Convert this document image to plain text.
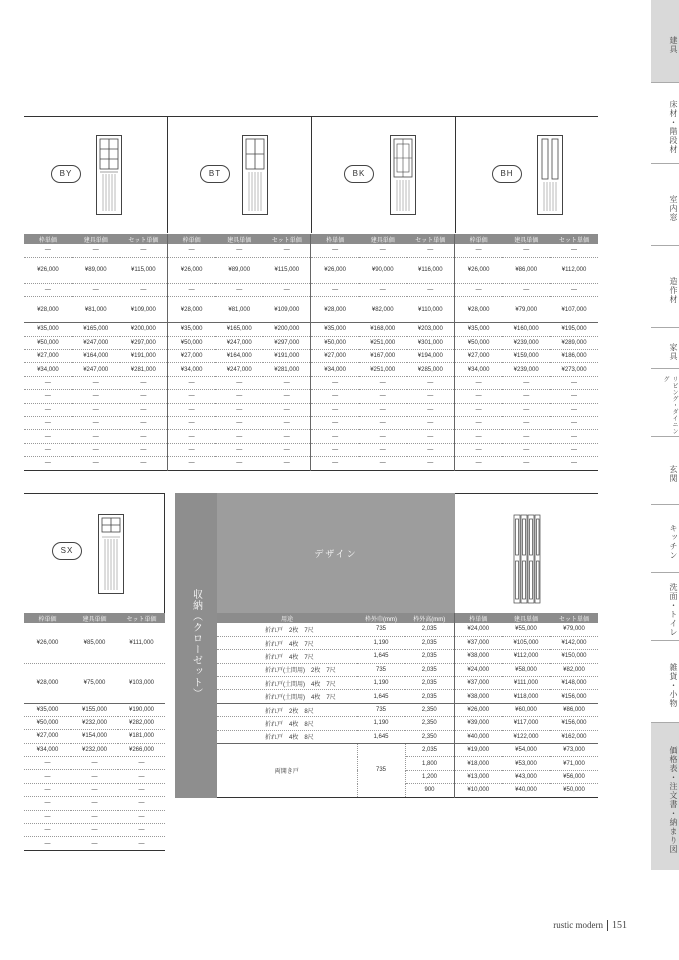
建具
床材・階段材
室内窓
造作材
家具
リビング・ダイニング
玄関
キッチン
洗面・トイレ
雑貨・小物
価格表・注文書・納まり図
BY	BT	BK	BH
枠単価	建具単価	セット単価	枠単価	建具単価	セット単価	枠単価	建具単価	セット単価	枠単価	建具単価	セット単価
—	—	—	—	—	—	—	—	—	—	—	—
¥26,000	¥89,000	¥115,000	¥26,000	¥89,000	¥115,000	¥26,000	¥90,000	¥116,000	¥26,000	¥86,000	¥112,000
—	—	—	—	—	—	—	—	—	—	—	—
¥28,000	¥81,000	¥109,000	¥28,000	¥81,000	¥109,000	¥28,000	¥82,000	¥110,000	¥28,000	¥79,000	¥107,000
¥35,000	¥165,000	¥200,000	¥35,000	¥165,000	¥200,000	¥35,000	¥168,000	¥203,000	¥35,000	¥160,000	¥195,000
¥50,000	¥247,000	¥297,000	¥50,000	¥247,000	¥297,000	¥50,000	¥251,000	¥301,000	¥50,000	¥239,000	¥289,000
¥27,000	¥164,000	¥191,000	¥27,000	¥164,000	¥191,000	¥27,000	¥167,000	¥194,000	¥27,000	¥159,000	¥186,000
¥34,000	¥247,000	¥281,000	¥34,000	¥247,000	¥281,000	¥34,000	¥251,000	¥285,000	¥34,000	¥239,000	¥273,000
—	—	—	—	—	—	—	—	—	—	—	—
—	—	—	—	—	—	—	—	—	—	—	—
—	—	—	—	—	—	—	—	—	—	—	—
—	—	—	—	—	—	—	—	—	—	—	—
—	—	—	—	—	—	—	—	—	—	—	—
—	—	—	—	—	—	—	—	—	—	—	—
—	—	—	—	—	—	—	—	—	—	—	—
SX
枠単価	建具単価	セット単価
¥26,000	¥85,000	¥111,000
¥28,000	¥75,000	¥103,000
¥35,000	¥155,000	¥190,000
¥50,000	¥232,000	¥282,000
¥27,000	¥154,000	¥181,000
¥34,000	¥232,000	¥266,000
—	—	—
—	—	—
—	—	—
—	—	—
—	—	—
—	—	—
—	—	—
収納（クローゼット）
デザイン
用途	枠外巾(mm)	枠外高(mm)	枠単価	建具単価	セット単価
折れ戸　2枚　7尺	735	2,035	¥24,000	¥55,000	¥79,000
折れ戸　4枚　7尺	1,190	2,035	¥37,000	¥105,000	¥142,000
折れ戸　4枚　7尺	1,645	2,035	¥38,000	¥112,000	¥150,000
折れ戸(土間用)　2枚　7尺	735	2,035	¥24,000	¥58,000	¥82,000
折れ戸(土間用)　4枚　7尺	1,190	2,035	¥37,000	¥111,000	¥148,000
折れ戸(土間用)　4枚　7尺	1,645	2,035	¥38,000	¥118,000	¥156,000
折れ戸　2枚　8尺	735	2,350	¥26,000	¥60,000	¥86,000
折れ戸　4枚　8尺	1,190	2,350	¥39,000	¥117,000	¥156,000
折れ戸　4枚　8尺	1,645	2,350	¥40,000	¥122,000	¥162,000
両開き戸	735	2,035	¥19,000	¥54,000	¥73,000
		1,800	¥18,000	¥53,000	¥71,000
		1,200	¥13,000	¥43,000	¥56,000
		900	¥10,000	¥40,000	¥50,000
rustic modern 151
